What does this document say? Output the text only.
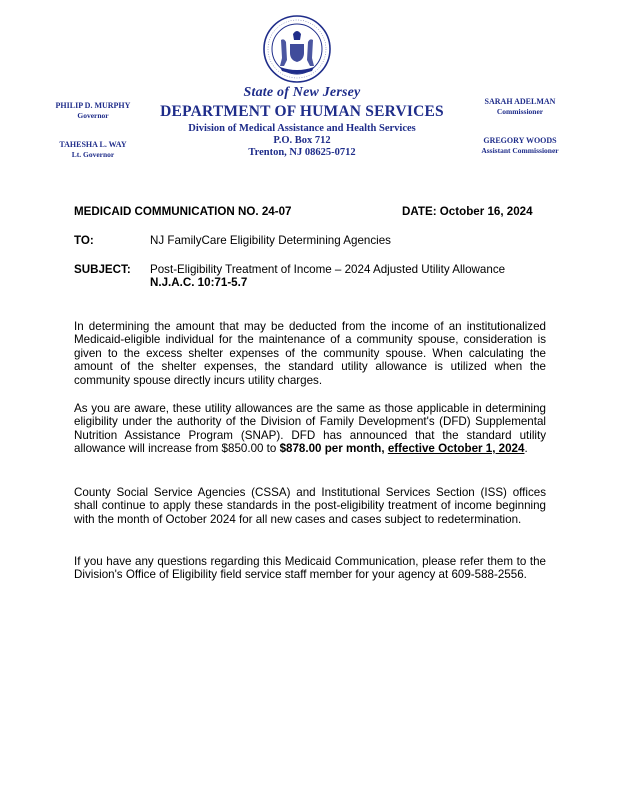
PHILIP D. MURPHY
Governor
TAHESHA L. WAY
Lt. Governor
SARAH ADELMAN
Commissioner
GREGORY WOODS
Assistant Commissioner
State of New Jersey
DEPARTMENT OF HUMAN SERVICES
Division of Medical Assistance and Health Services
P.O. Box 712
Trenton, NJ 08625-0712
MEDICAID COMMUNICATION NO. 24-07	DATE: October 16, 2024
TO:	NJ FamilyCare Eligibility Determining Agencies
SUBJECT: Post-Eligibility Treatment of Income – 2024 Adjusted Utility Allowance
N.J.A.C. 10:71-5.7
In determining the amount that may be deducted from the income of an institutionalized Medicaid-eligible individual for the maintenance of a community spouse, consideration is given to the excess shelter expenses of the community spouse. When calculating the amount of the shelter expenses, the standard utility allowance is utilized when the community spouse directly incurs utility charges.
As you are aware, these utility allowances are the same as those applicable in determining eligibility under the authority of the Division of Family Development's (DFD) Supplemental Nutrition Assistance Program (SNAP). DFD has announced that the standard utility allowance will increase from $850.00 to $878.00 per month, effective October 1, 2024.
County Social Service Agencies (CSSA) and Institutional Services Section (ISS) offices shall continue to apply these standards in the post-eligibility treatment of income beginning with the month of October 2024 for all new cases and cases subject to redetermination.
If you have any questions regarding this Medicaid Communication, please refer them to the Division's Office of Eligibility field service staff member for your agency at 609-588-2556.
